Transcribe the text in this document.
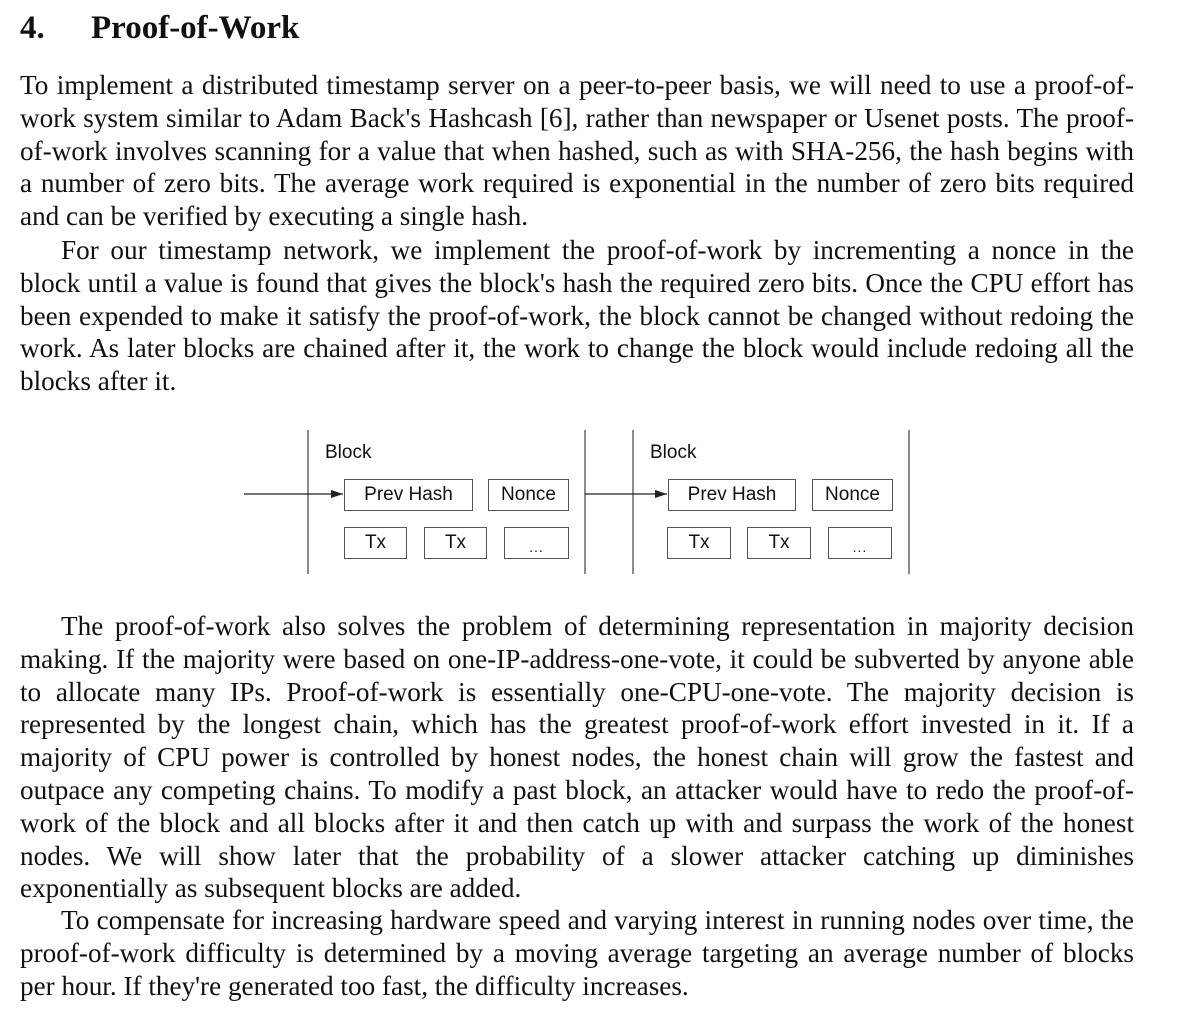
4. Proof-of-Work

To implement a distributed timestamp server on a peer-to-peer basis, we will need to use a proof-of-work system similar to Adam Back's Hashcash [6], rather than newspaper or Usenet posts. The proof-of-work involves scanning for a value that when hashed, such as with SHA-256, the hash begins with a number of zero bits. The average work required is exponential in the number of zero bits required and can be verified by executing a single hash.

For our timestamp network, we implement the proof-of-work by incrementing a nonce in the block until a value is found that gives the block's hash the required zero bits. Once the CPU effort has been expended to make it satisfy the proof-of-work, the block cannot be changed without redoing the work. As later blocks are chained after it, the work to change the block would include redoing all the blocks after it.

Block
Prev Hash	Nonce
Tx	Tx	...
Block
Prev Hash	Nonce
Tx	Tx	...

The proof-of-work also solves the problem of determining representation in majority decision making. If the majority were based on one-IP-address-one-vote, it could be subverted by anyone able to allocate many IPs. Proof-of-work is essentially one-CPU-one-vote. The majority decision is represented by the longest chain, which has the greatest proof-of-work effort invested in it. If a majority of CPU power is controlled by honest nodes, the honest chain will grow the fastest and outpace any competing chains. To modify a past block, an attacker would have to redo the proof-of-work of the block and all blocks after it and then catch up with and surpass the work of the honest nodes. We will show later that the probability of a slower attacker catching up diminishes exponentially as subsequent blocks are added.

To compensate for increasing hardware speed and varying interest in running nodes over time, the proof-of-work difficulty is determined by a moving average targeting an average number of blocks per hour. If they're generated too fast, the difficulty increases.
